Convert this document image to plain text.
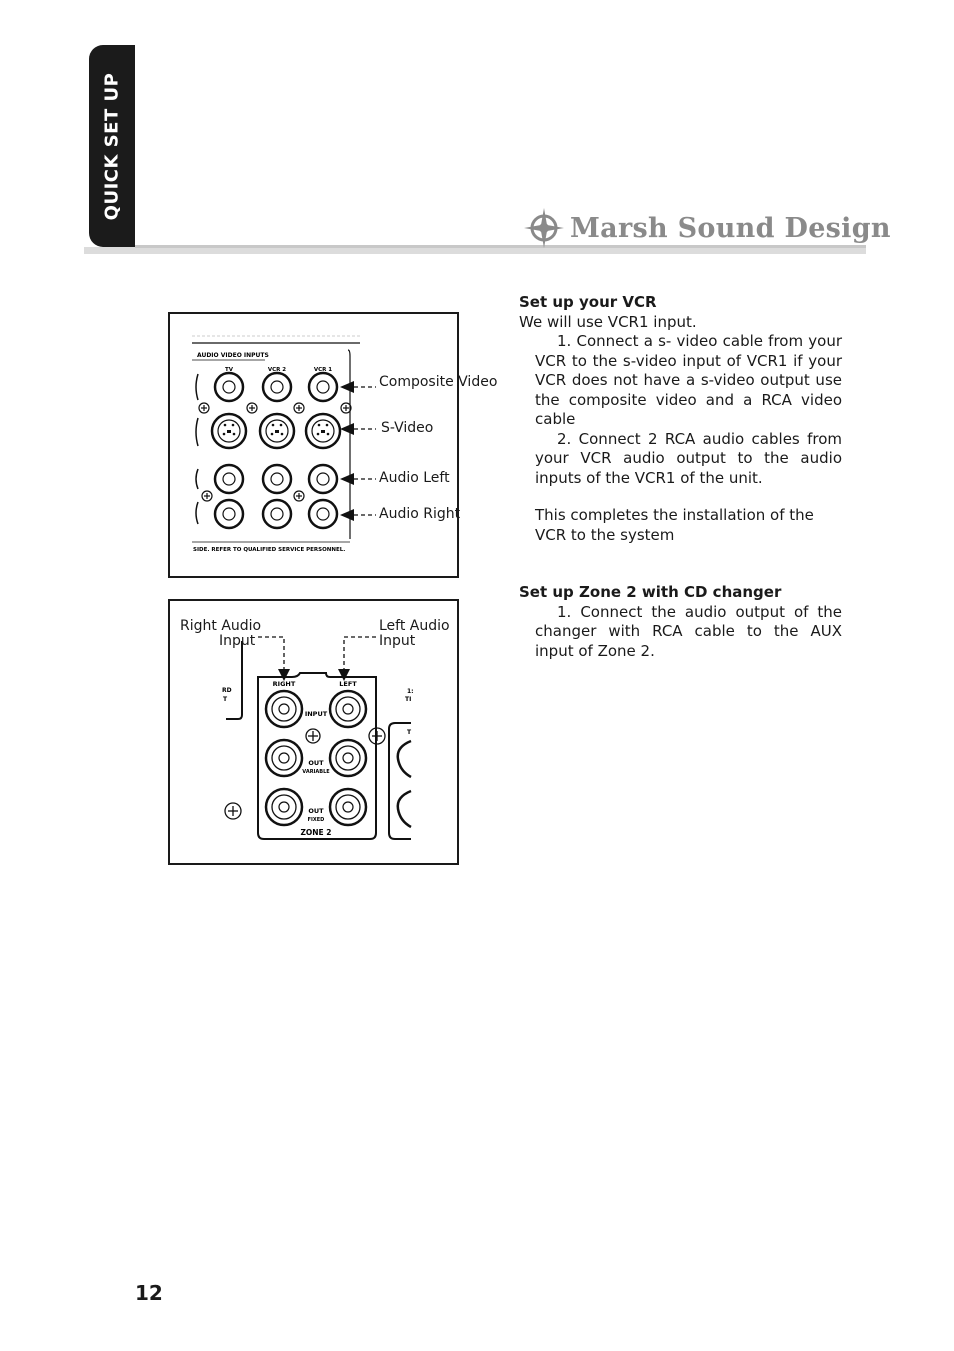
QUICK SET UP
Marsh Sound Design
AUDIO VIDEO INPUTS
TV	VCR 2	VCR 1
SIDE. REFER TO QUALIFIED SERVICE PERSONNEL.
Composite Video
S-Video
Audio Left
Audio Right
RD
T
RIGHT	LEFT
INPUT
OUT
VARIABLE
OUT
FIXED
ZONE 2
1:
TI
T
Right Audio
Input
Left Audio
Input
Set up your VCR
We will use VCR1 input.
1. Connect a s- video cable from your VCR to the s-video input of VCR1 if your VCR does not have a s-video output use the composite video and a RCA video cable
2. Connect 2 RCA audio cables from your VCR audio output to the audio inputs of the VCR1 of the unit.
This completes the installation of the VCR to the system
Set up Zone 2 with CD changer
1. Connect the audio output of the changer with RCA cable to the AUX input of Zone 2.
12
